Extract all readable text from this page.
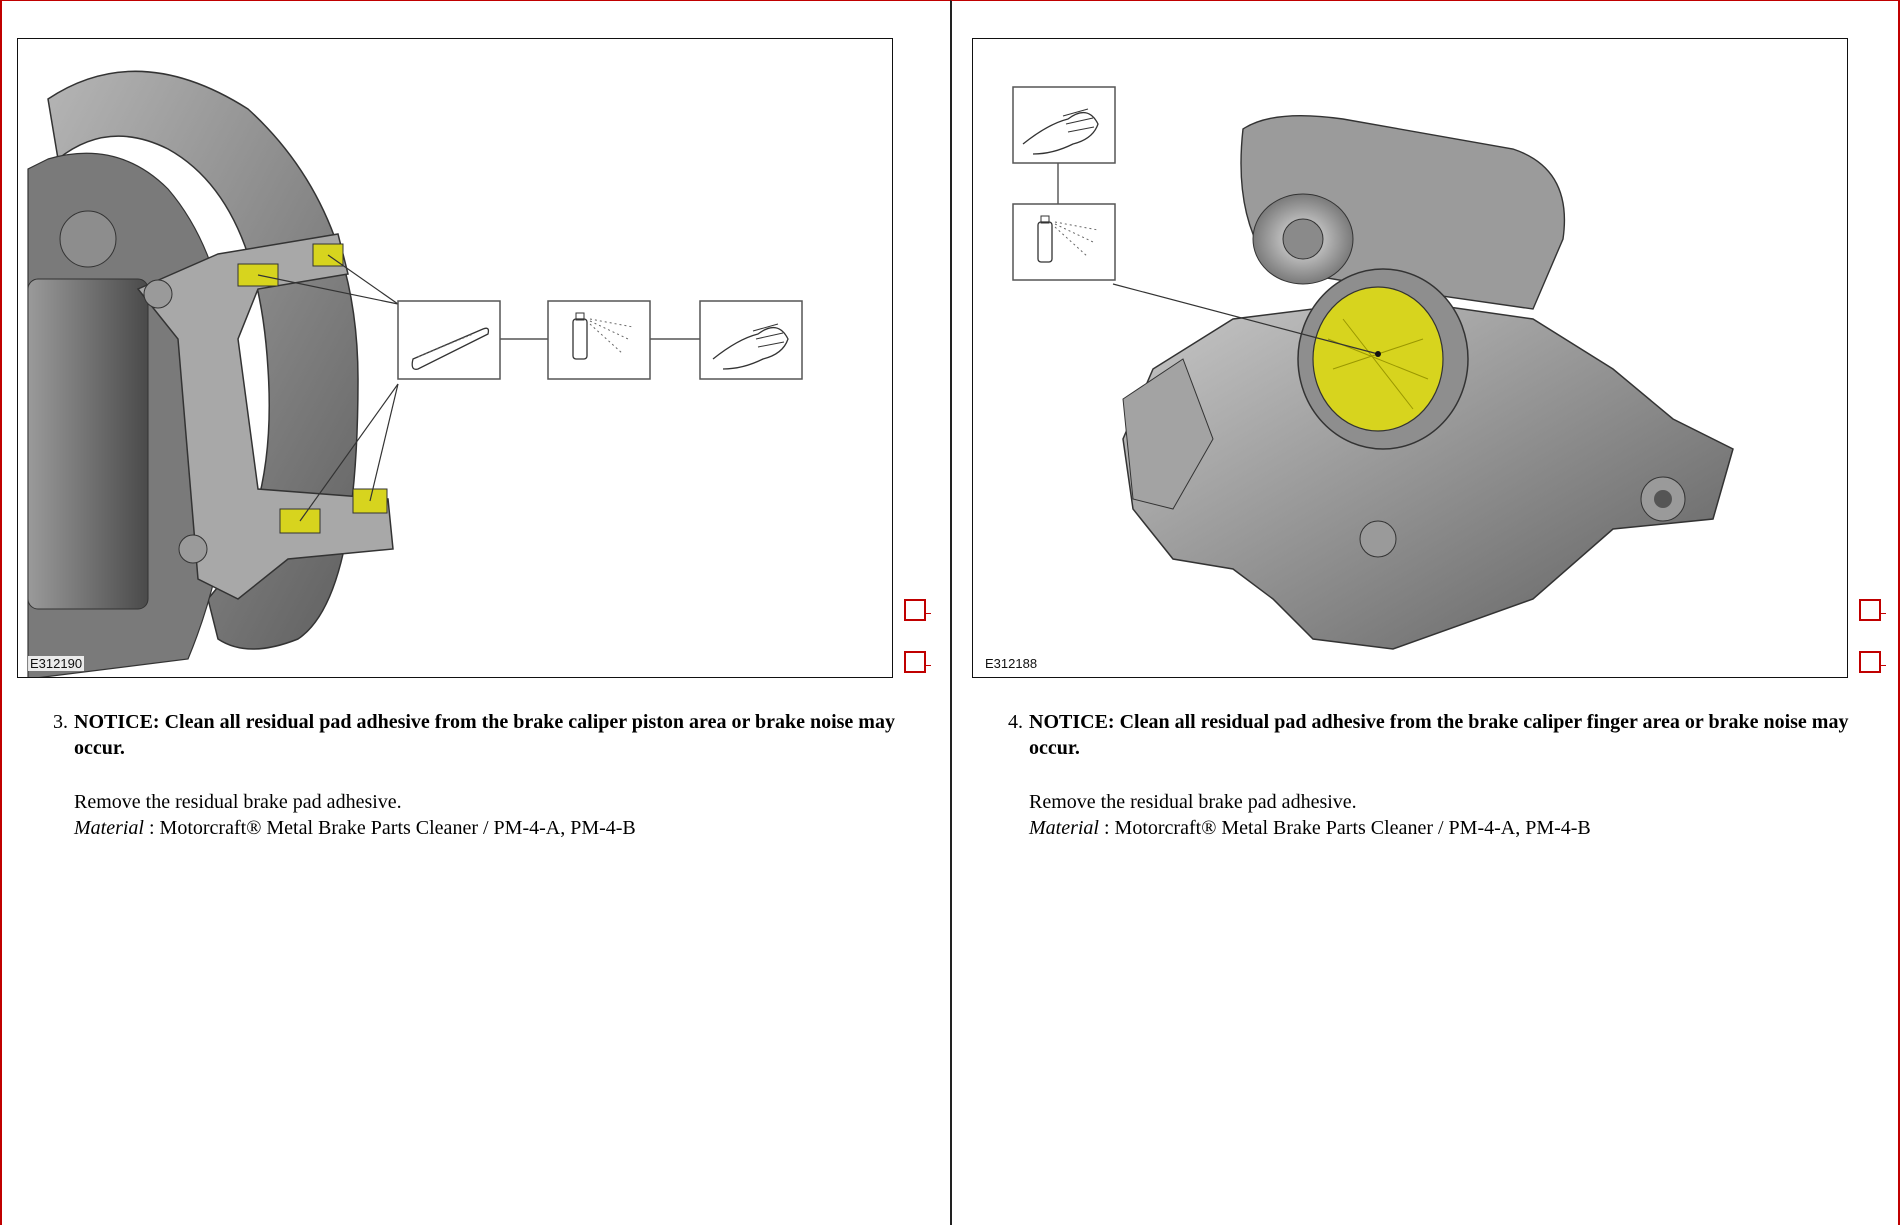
E312190
3. NOTICE: Clean all residual pad adhesive from the brake caliper piston area or brake noise may occur.
Remove the residual brake pad adhesive.
Material : Motorcraft® Metal Brake Parts Cleaner / PM-4-A, PM-4-B
E312188
4. NOTICE: Clean all residual pad adhesive from the brake caliper finger area or brake noise may occur.
Remove the residual brake pad adhesive.
Material : Motorcraft® Metal Brake Parts Cleaner / PM-4-A, PM-4-B
